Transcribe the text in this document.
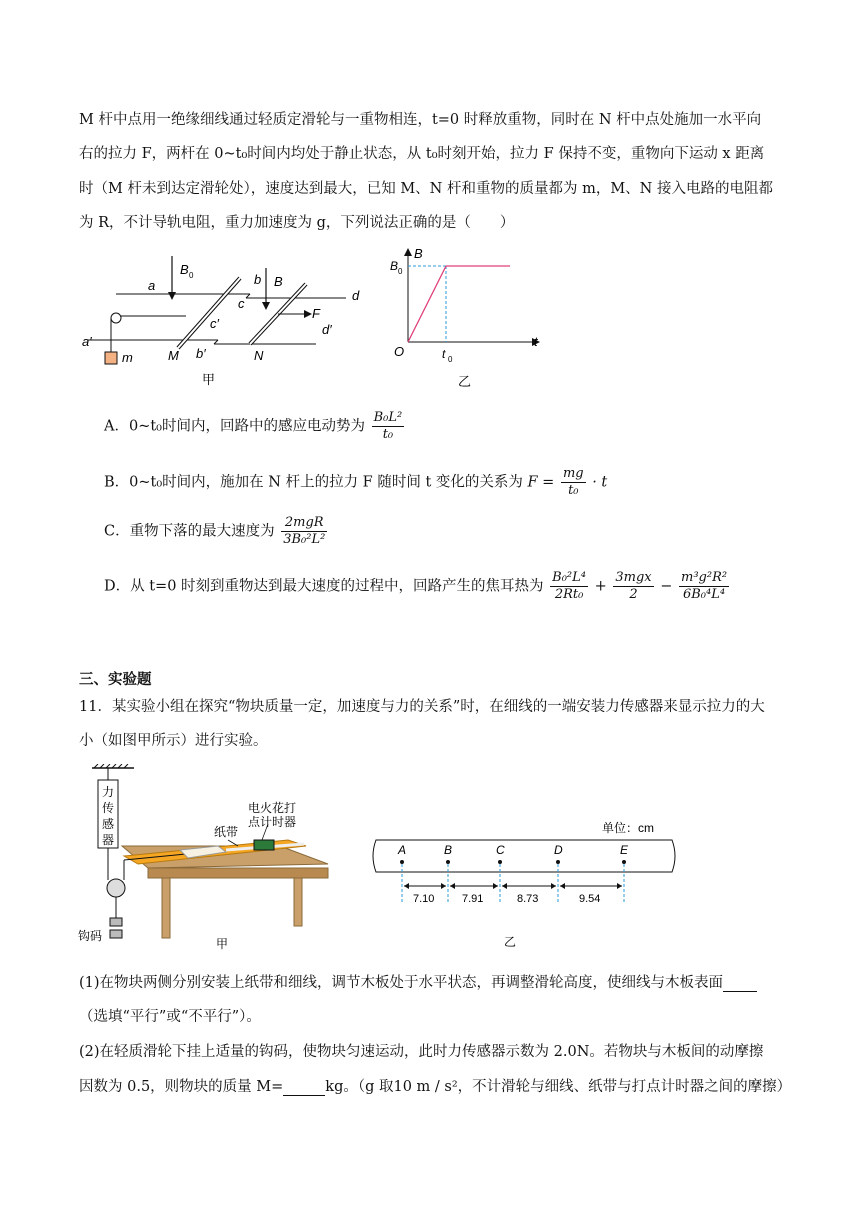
M 杆中点用一绝缘细线通过轻质定滑轮与一重物相连，t=0 时释放重物，同时在 N 杆中点处施加一水平向
右的拉力 F，两杆在 0~t₀时间内均处于静止状态，从 t₀时刻开始，拉力 F 保持不变，重物向下运动 x 距离
时（M 杆未到达定滑轮处），速度达到最大，已知 M、N 杆和重物的质量都为 m，M、N 接入电路的电阻都
为 R，不计导轨电阻，重力加速度为 g，下列说法正确的是（　　）
B 0	B
a	b
c
d
a′
c′
b′
d′
M	N
F
m
甲
B
B 0
O	t 0
t
乙
A．0~t₀时间内，回路中的感应电动势为 $\frac{\text{B₀L²}}{\text{t₀}}$
B．0~t₀时间内，施加在 N 杆上的拉力 F 随时间 t 变化的关系为 $F = \frac{mg}{\text{t₀}} \cdot t$
C．重物下落的最大速度为 $\frac{\text{2mgR}}{\text{3B₀²L²}}$
D．从 t=0 时刻到重物达到最大速度的过程中，回路产生的焦耳热为 $\frac{\text{B₀²L⁴}}{\text{2Rt₀}} + \frac{\text{3mgx}}{2} - \frac{\text{m³g²R²}}{\text{6B₀⁴L⁴}}$
三、实验题
11．某实验小组在探究“物块质量一定，加速度与力的关系”时，在细线的一端安装力传感器来显示拉力的大
小（如图甲所示）进行实验。
力
传
感
器
钩码
纸带
电火花打
点计时器
甲
单位：cm
A	B	C	D	E
7.10	7.91	8.73	9.54
乙
(1)在物块两侧分别安装上纸带和细线，调节木板处于水平状态，再调整滑轮高度，使细线与木板表面
（选填“平行”或“不平行”）。
(2)在轻质滑轮下挂上适量的钩码，使物块匀速运动，此时力传感器示数为 2.0N。若物块与木板间的动摩擦
因数为 0.5，则物块的质量 M=	kg。（g 取10 m / s²，不计滑轮与细线、纸带与打点计时器之间的摩擦）
